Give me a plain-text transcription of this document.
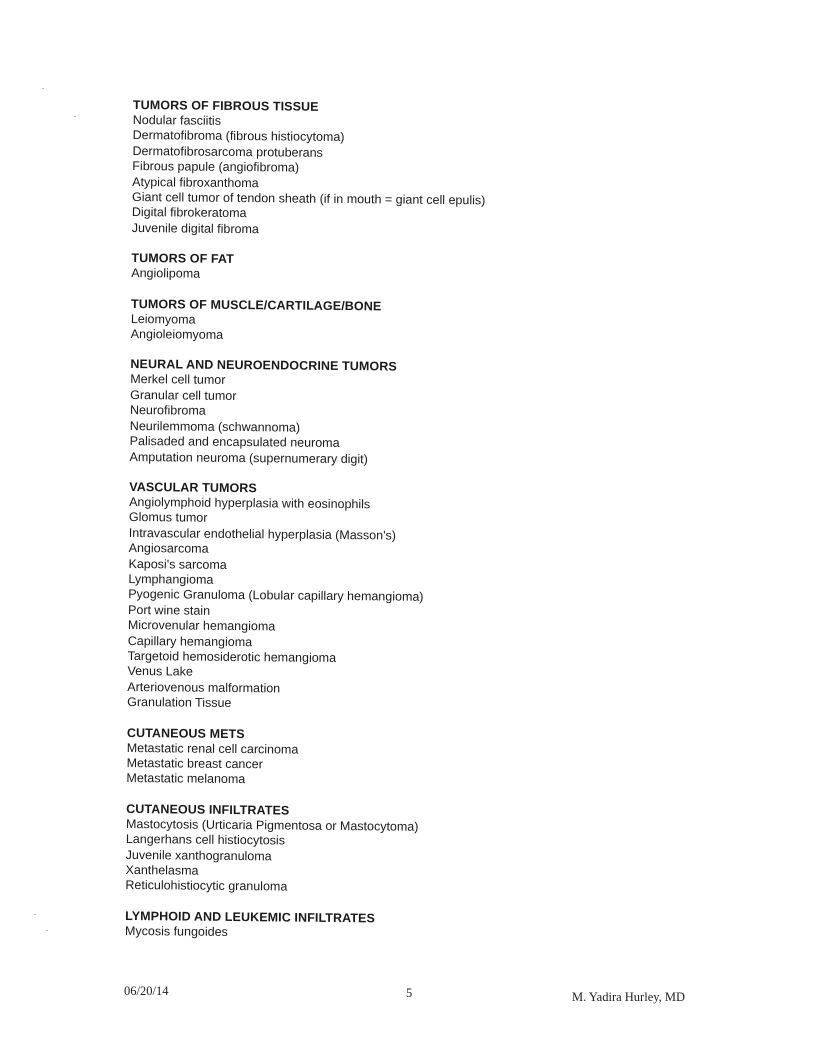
TUMORS OF FIBROUS TISSUE
Nodular fasciitis
Dermatofibroma (fibrous histiocytoma)
Dermatofibrosarcoma protuberans
Fibrous papule (angiofibroma)
Atypical fibroxanthoma
Giant cell tumor of tendon sheath (if in mouth = giant cell epulis)
Digital fibrokeratoma
Juvenile digital fibroma
TUMORS OF FAT
Angiolipoma
TUMORS OF MUSCLE/CARTILAGE/BONE
Leiomyoma
Angioleiomyoma
NEURAL AND NEUROENDOCRINE TUMORS
Merkel cell tumor
Granular cell tumor
Neurofibroma
Neurilemmoma (schwannoma)
Palisaded and encapsulated neuroma
Amputation neuroma (supernumerary digit)
VASCULAR TUMORS
Angiolymphoid hyperplasia with eosinophils
Glomus tumor
Intravascular endothelial hyperplasia (Masson's)
Angiosarcoma
Kaposi's sarcoma
Lymphangioma
Pyogenic Granuloma (Lobular capillary hemangioma)
Port wine stain
Microvenular hemangioma
Capillary hemangioma
Targetoid hemosiderotic hemangioma
Venus Lake
Arteriovenous malformation
Granulation Tissue
CUTANEOUS METS
Metastatic renal cell carcinoma
Metastatic breast cancer
Metastatic melanoma
CUTANEOUS INFILTRATES
Mastocytosis (Urticaria Pigmentosa or Mastocytoma)
Langerhans cell histiocytosis
Juvenile xanthogranuloma
Xanthelasma
Reticulohistiocytic granuloma
LYMPHOID AND LEUKEMIC INFILTRATES
Mycosis fungoides
06/20/14	5	M. Yadira Hurley, MD
